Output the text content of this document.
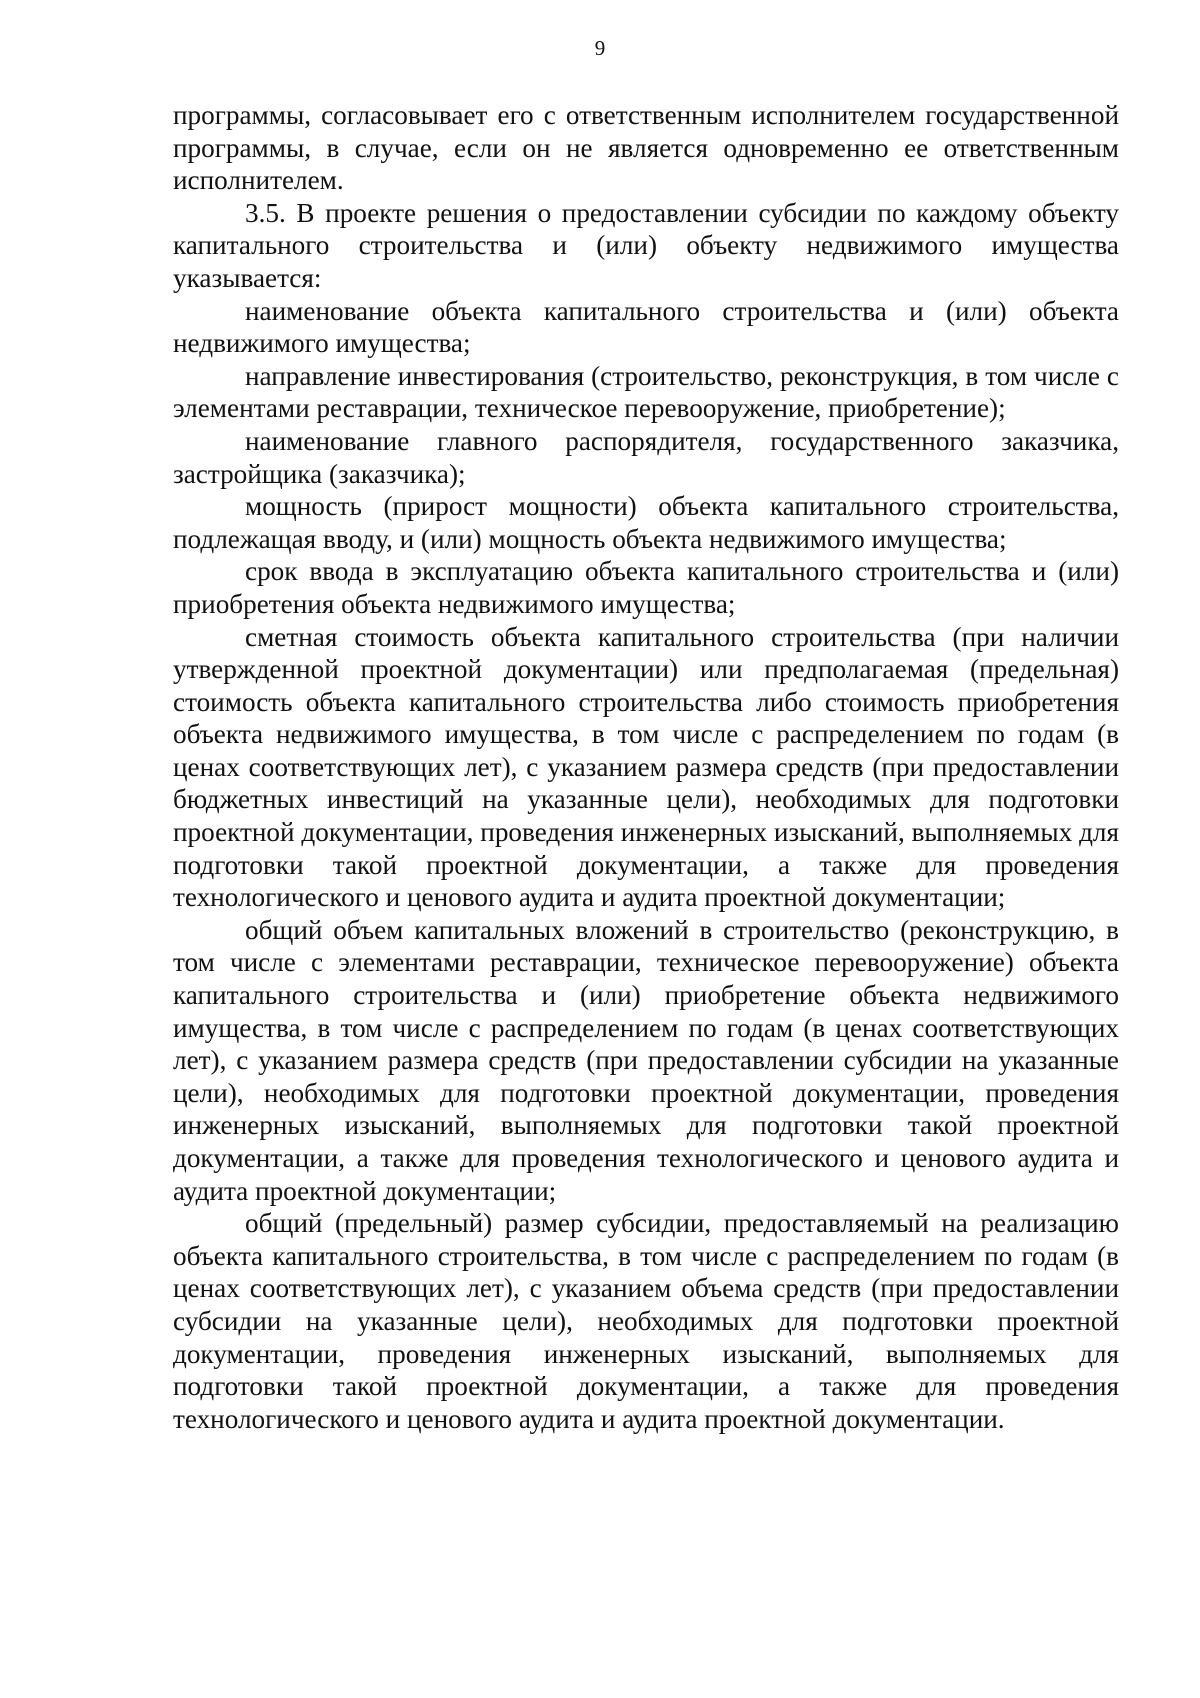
9

программы, согласовывает его с ответственным исполнителем государственной программы, в случае, если он не является одновременно ее ответственным исполнителем.

3.5. В проекте решения о предоставлении субсидии по каждому объекту капитального строительства и (или) объекту недвижимого имущества указывается:

наименование объекта капитального строительства и (или) объекта недвижимого имущества;

направление инвестирования (строительство, реконструкция, в том числе с элементами реставрации, техническое перевооружение, приобретение);

наименование главного распорядителя, государственного заказчика, застройщика (заказчика);

мощность (прирост мощности) объекта капитального строительства, подлежащая вводу, и (или) мощность объекта недвижимого имущества;

срок ввода в эксплуатацию объекта капитального строительства и (или) приобретения объекта недвижимого имущества;

сметная стоимость объекта капитального строительства (при наличии утвержденной проектной документации) или предполагаемая (предельная) стоимость объекта капитального строительства либо стоимость приобретения объекта недвижимого имущества, в том числе с распределением по годам (в ценах соответствующих лет), с указанием размера средств (при предоставлении бюджетных инвестиций на указанные цели), необходимых для подготовки проектной документации, проведения инженерных изысканий, выполняемых для подготовки такой проектной документации, а также для проведения технологического и ценового аудита и аудита проектной документации;

общий объем капитальных вложений в строительство (реконструкцию, в том числе с элементами реставрации, техническое перевооружение) объекта капитального строительства и (или) приобретение объекта недвижимого имущества, в том числе с распределением по годам (в ценах соответствующих лет), с указанием размера средств (при предоставлении субсидии на указанные цели), необходимых для подготовки проектной документации, проведения инженерных изысканий, выполняемых для подготовки такой проектной документации, а также для проведения технологического и ценового аудита и аудита проектной документации;

общий (предельный) размер субсидии, предоставляемый на реализацию объекта капитального строительства, в том числе с распределением по годам (в ценах соответствующих лет), с указанием объема средств (при предоставлении субсидии на указанные цели), необходимых для подготовки проектной документации, проведения инженерных изысканий, выполняемых для подготовки такой проектной документации, а также для проведения технологического и ценового аудита и аудита проектной документации.
